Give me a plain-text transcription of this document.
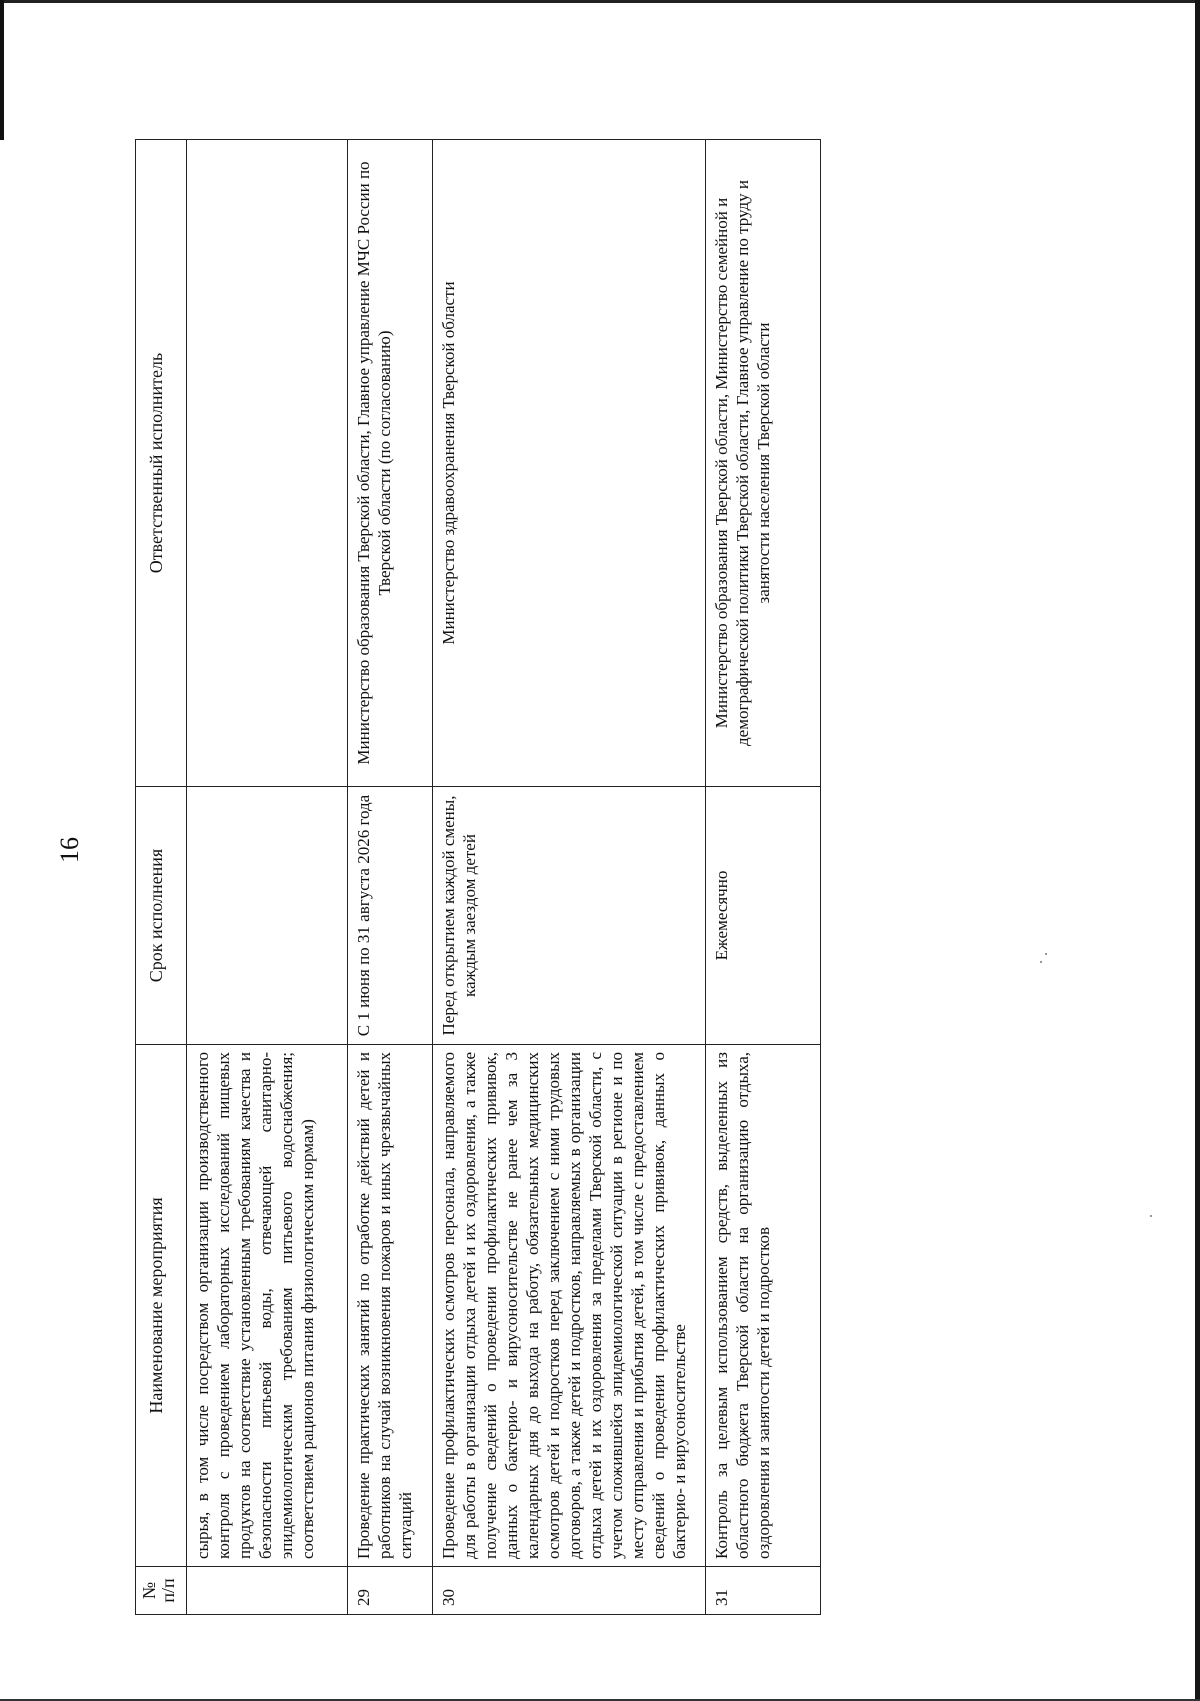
16
№ п/п	Наименование мероприятия	Срок исполнения	Ответственный исполнитель
	сырья, в том числе посредством организации производственного контроля с проведением лабораторных исследований пищевых продуктов на соответствие установленным требованиям качества и безопасности питьевой воды, отвечающей санитарно-эпидемиологическим требованиям питьевого водоснабжения; соответствием рационов питания физиологическим нормам)		
29	Проведение практических занятий по отработке действий детей и работников на случай возникновения пожаров и иных чрезвычайных ситуаций	С 1 июня по 31 августа 2026 года	Министерство образования Тверской области, Главное управление МЧС России по Тверской области (по согласованию)
30	Проведение профилактических осмотров персонала, направляемого для работы в организации отдыха детей и их оздоровления, а также получение сведений о проведении профилактических прививок, данных о бактерио- и вирусоносительстве не ранее чем за 3 календарных дня до выхода на работу, обязательных медицинских осмотров детей и подростков перед заключением с ними трудовых договоров, а также детей и подростков, направляемых в организации отдыха детей и их оздоровления за пределами Тверской области, с учетом сложившейся эпидемиологической ситуации в регионе и по месту отправления и прибытия детей, в том числе с предоставлением сведений о проведении профилактических прививок, данных о бактерио- и вирусоносительстве	Перед открытием каждой смены, каждым заездом детей	Министерство здравоохранения Тверской области
31	Контроль за целевым использованием средств, выделенных из областного бюджета Тверской области на организацию отдыха, оздоровления и занятости детей и подростков	Ежемесячно	Министерство образования Тверской области, Министерство семейной и демографической политики Тверской области, Главное управление по труду и занятости населения Тверской области
